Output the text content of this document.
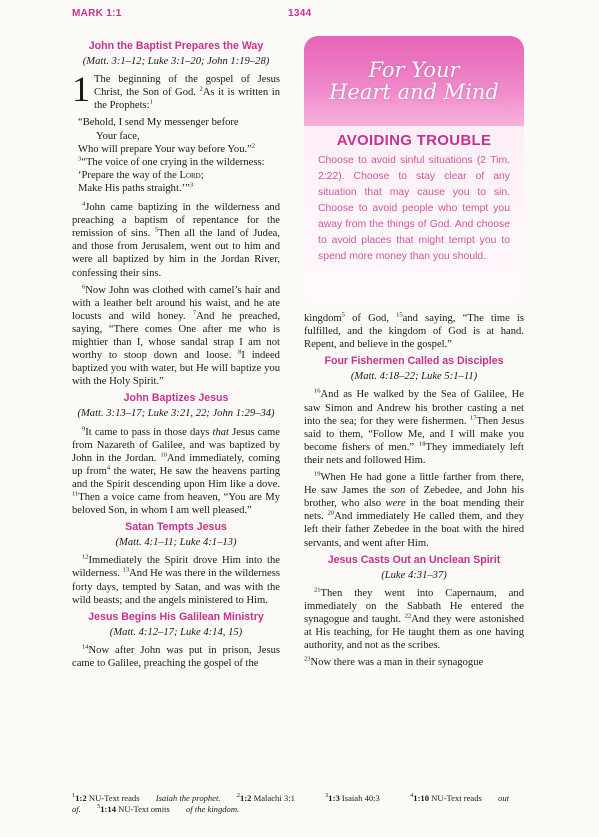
MARK 1:1	1344
John the Baptist Prepares the Way
(Matt. 3:1–12; Luke 3:1–20; John 1:19–28)

1 The beginning of the gospel of Jesus Christ, the Son of God. $^2$As it is written in the Prophets:$^1$

“Behold, I send My messenger before
Your face,
Who will prepare Your way before You.”$^2$
$^3$“The voice of one crying in the wilderness:
‘Prepare the way of the Lord;
Make His paths straight.’”$^3$

$^4$John came baptizing in the wilderness and preaching a baptism of repentance for the remission of sins. $^5$Then all the land of Judea, and those from Jerusalem, went out to him and were all baptized by him in the Jordan River, confessing their sins.

$^6$Now John was clothed with camel’s hair and with a leather belt around his waist, and he ate locusts and wild honey. $^7$And he preached, saying, “There comes One after me who is mightier than I, whose sandal strap I am not worthy to stoop down and loose. $^8$I indeed baptized you with water, but He will baptize you with the Holy Spirit.”

John Baptizes Jesus
(Matt. 3:13–17; Luke 3:21, 22; John 1:29–34)

$^9$It came to pass in those days that Jesus came from Nazareth of Galilee, and was baptized by John in the Jordan. $^{10}$And immediately, coming up from$^4$ the water, He saw the heavens parting and the Spirit descending upon Him like a dove. $^{11}$Then a voice came from heaven, “You are My beloved Son, in whom I am well pleased.”

Satan Tempts Jesus
(Matt. 4:1–11; Luke 4:1–13)

$^{12}$Immediately the Spirit drove Him into the wilderness. $^{13}$And He was there in the wilderness forty days, tempted by Satan, and was with the wild beasts; and the angels ministered to Him.

Jesus Begins His Galilean Ministry
(Matt. 4:12–17; Luke 4:14, 15)

$^{14}$Now after John was put in prison, Jesus came to Galilee, preaching the gospel of the

For Your
Heart and Mind
AVOIDING TROUBLE
Choose to avoid sinful situations (2 Tim. 2:22). Choose to stay clear of any situation that may cause you to sin. Choose to avoid people who tempt you away from the things of God. And choose to avoid places that might tempt you to spend more money than you should.

kingdom$^5$ of God, $^{15}$and saying, “The time is fulfilled, and the kingdom of God is at hand. Repent, and believe in the gospel.”

Four Fishermen Called as Disciples
(Matt. 4:18–22; Luke 5:1–11)

$^{16}$And as He walked by the Sea of Galilee, He saw Simon and Andrew his brother casting a net into the sea; for they were fishermen. $^{17}$Then Jesus said to them, “Follow Me, and I will make you become fishers of men.” $^{18}$They immediately left their nets and followed Him.

$^{19}$When He had gone a little farther from there, He saw James the son of Zebedee, and John his brother, who also were in the boat mending their nets. $^{20}$And immediately He called them, and they left their father Zebedee in the boat with the hired servants, and went after Him.

Jesus Casts Out an Unclean Spirit
(Luke 4:31–37)

$^{21}$Then they went into Capernaum, and immediately on the Sabbath He entered the synagogue and taught. $^{22}$And they were astonished at His teaching, for He taught them as one having authority, and not as the scribes.

$^{23}$Now there was a man in their synagogue

$^1$1:2 NU-Text reads Isaiah the prophet. $^2$1:2 Malachi 3:1	$^3$1:3 Isaiah 40:3	$^4$1:10 NU-Text reads out of. $^5$1:14 NU-Text omits of the kingdom.
